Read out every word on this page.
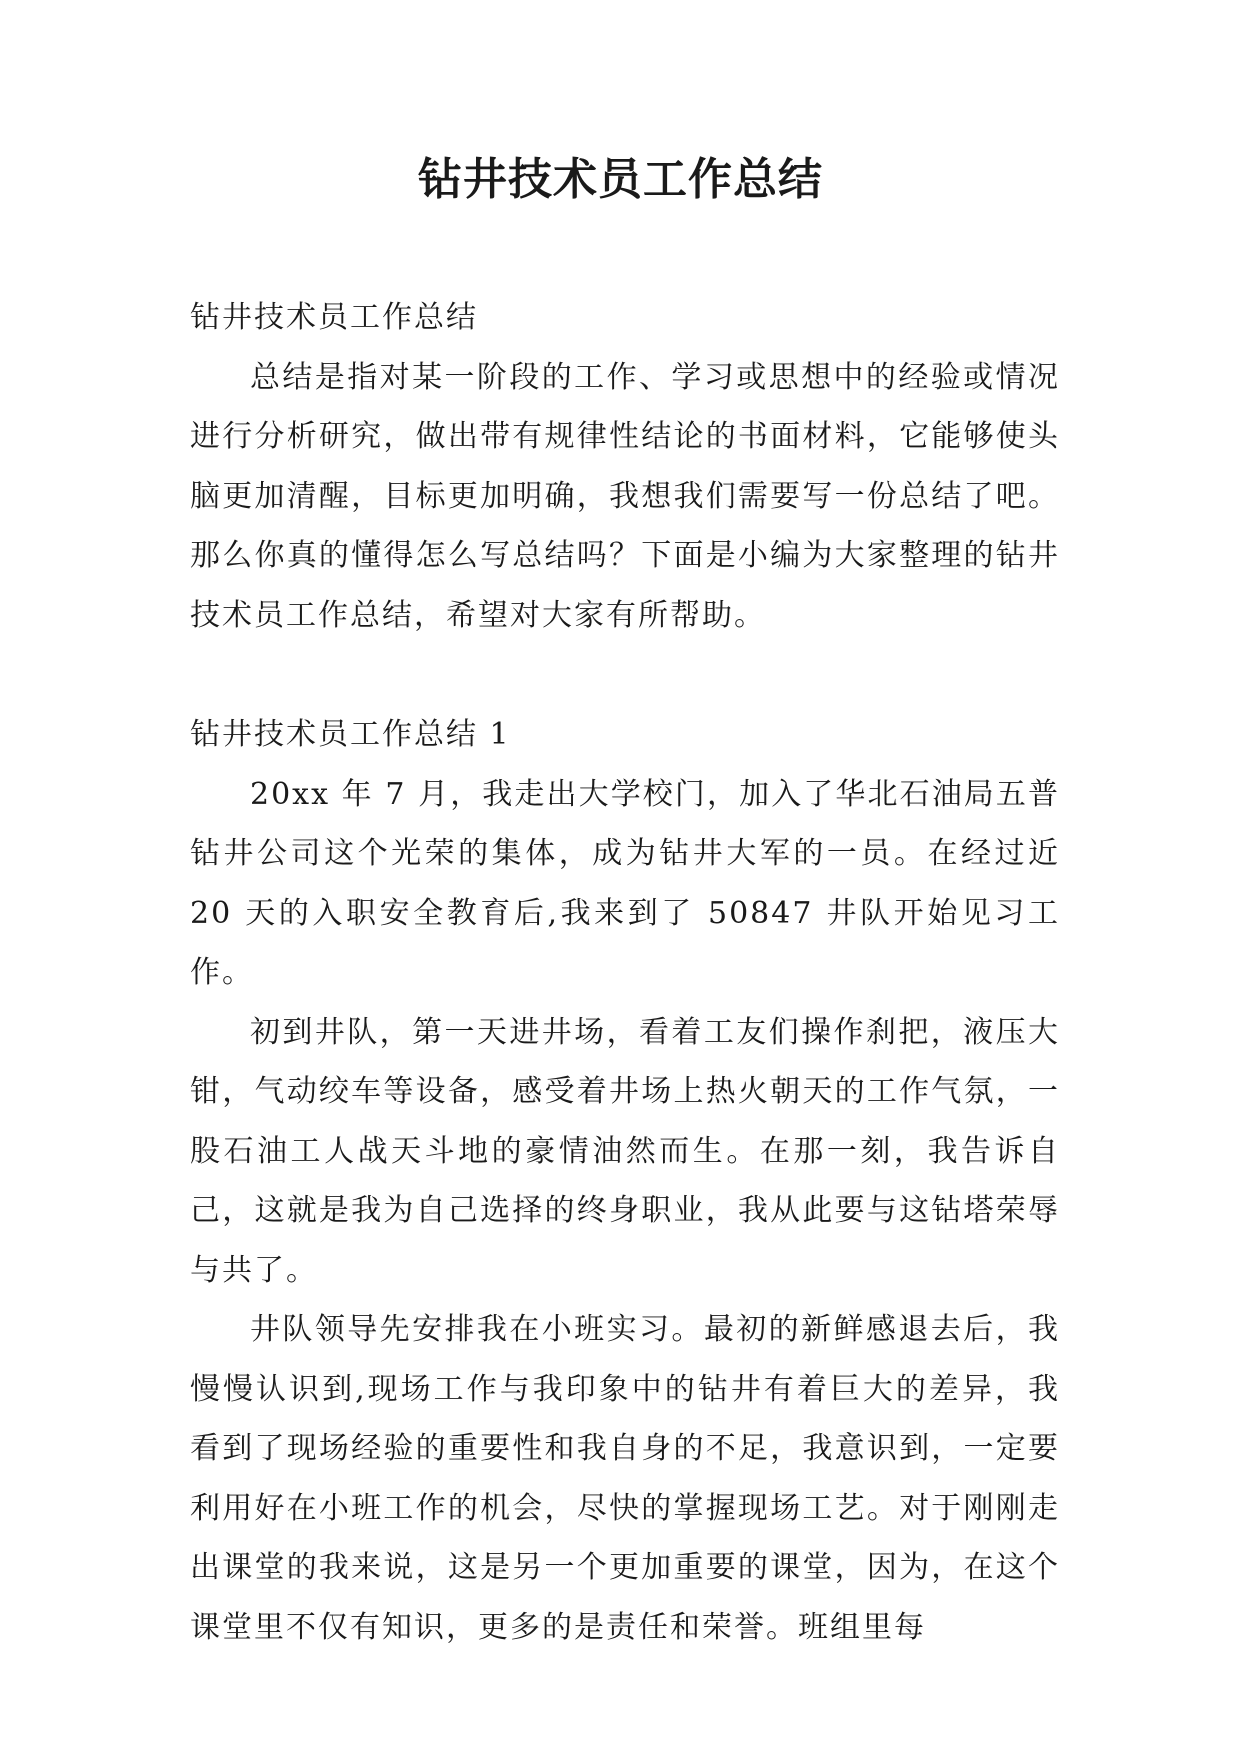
钻井技术员工作总结

钻井技术员工作总结

总结是指对某一阶段的工作、学习或思想中的经验或情况进行分析研究，做出带有规律性结论的书面材料，它能够使头脑更加清醒，目标更加明确，我想我们需要写一份总结了吧。那么你真的懂得怎么写总结吗？下面是小编为大家整理的钻井技术员工作总结，希望对大家有所帮助。

钻井技术员工作总结 1

20xx 年 7 月，我走出大学校门，加入了华北石油局五普钻井公司这个光荣的集体，成为钻井大军的一员。在经过近 20 天的入职安全教育后,我来到了 50847 井队开始见习工作。

初到井队，第一天进井场，看着工友们操作刹把，液压大钳，气动绞车等设备，感受着井场上热火朝天的工作气氛，一股石油工人战天斗地的豪情油然而生。在那一刻，我告诉自己，这就是我为自己选择的终身职业，我从此要与这钻塔荣辱与共了。

井队领导先安排我在小班实习。最初的新鲜感退去后，我慢慢认识到,现场工作与我印象中的钻井有着巨大的差异，我看到了现场经验的重要性和我自身的不足，我意识到，一定要利用好在小班工作的机会，尽快的掌握现场工艺。对于刚刚走出课堂的我来说，这是另一个更加重要的课堂，因为，在这个课堂里不仅有知识，更多的是责任和荣誉。班组里每
